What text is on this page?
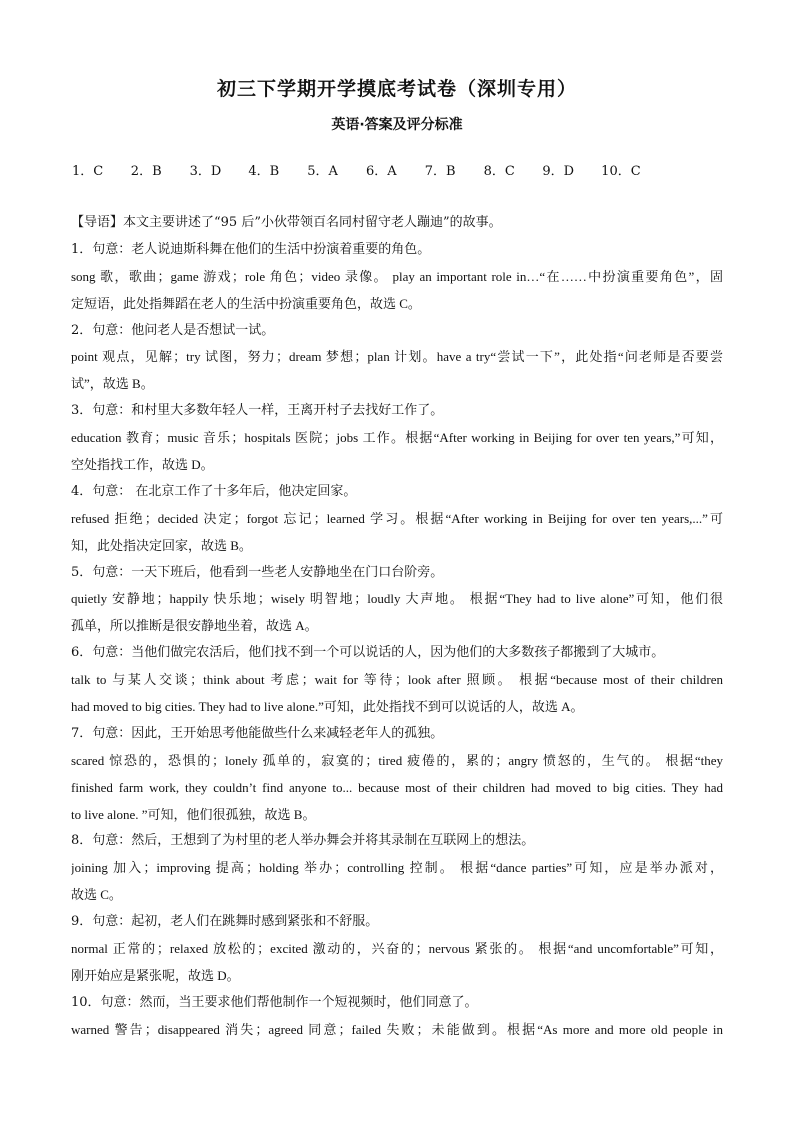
初三下学期开学摸底考试卷（深圳专用）
英语·答案及评分标准
1．C	2．B	3．D	4．B	5．A	6．A	7．B	8．C	9．D	10．C
【导语】本文主要讲述了“95 后”小伙带领百名同村留守老人蹦迪”的故事。
1．句意：老人说迪斯科舞在他们的生活中扮演着重要的角色。
song 歌，歌曲；game 游戏；role 角色；video 录像。 play an important role in…“在……中扮演重要角色”，固
定短语，此处指舞蹈在老人的生活中扮演重要角色，故选 C。
2．句意：他问老人是否想试一试。
point 观点，见解；try 试图，努力；dream 梦想；plan 计划。have a try“尝试一下”，此处指“问老师是否要尝
试”，故选 B。
3．句意：和村里大多数年轻人一样，王离开村子去找好工作了。
education 教育；music 音乐；hospitals 医院；jobs 工作。根据“After working in Beijing for over ten years,”可知，
空处指找工作，故选 D。
4．句意： 在北京工作了十多年后，他决定回家。
refused 拒绝；decided 决定；forgot 忘记；learned 学习。根据“After working in Beijing for over ten years,...”可
知，此处指决定回家，故选 B。
5．句意：一天下班后，他看到一些老人安静地坐在门口台阶旁。
quietly 安静地；happily 快乐地；wisely 明智地；loudly 大声地。 根据“They had to live alone”可知，他们很
孤单，所以推断是很安静地坐着，故选 A。
6．句意：当他们做完农活后，他们找不到一个可以说话的人，因为他们的大多数孩子都搬到了大城市。
talk to 与某人交谈；think about 考虑；wait for 等待；look after 照顾。 根据“because most of their children
had moved to big cities. They had to live alone.”可知，此处指找不到可以说话的人，故选 A。
7．句意：因此，王开始思考他能做些什么来减轻老年人的孤独。
scared 惊恐的，恐惧的；lonely 孤单的，寂寞的；tired 疲倦的，累的；angry 愤怒的，生气的。 根据“they
finished farm work, they couldn’t find anyone to... because most of their children had moved to big cities. They had
to live alone. ”可知，他们很孤独，故选 B。
8．句意：然后，王想到了为村里的老人举办舞会并将其录制在互联网上的想法。
joining 加入；improving 提高；holding 举办；controlling 控制。 根据“dance parties”可知，应是举办派对，
故选 C。
9．句意：起初，老人们在跳舞时感到紧张和不舒服。
normal 正常的；relaxed 放松的；excited 激动的，兴奋的；nervous 紧张的。 根据“and uncomfortable”可知，
刚开始应是紧张呢，故选 D。
10．句意：然而，当王要求他们帮他制作一个短视频时，他们同意了。
warned 警告；disappeared 消失；agreed 同意；failed 失败；未能做到。根据“As more and more old people in
